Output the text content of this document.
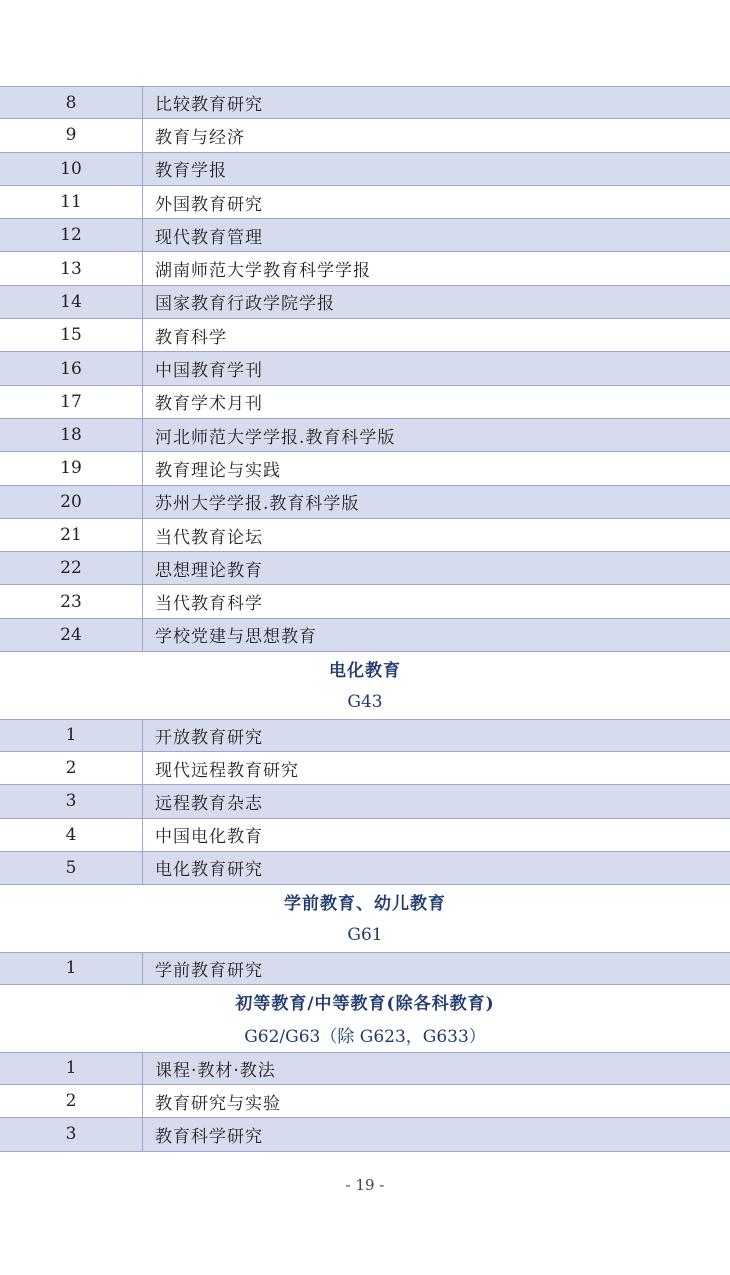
8	比较教育研究
9	教育与经济
10	教育学报
11	外国教育研究
12	现代教育管理
13	湖南师范大学教育科学学报
14	国家教育行政学院学报
15	教育科学
16	中国教育学刊
17	教育学术月刊
18	河北师范大学学报.教育科学版
19	教育理论与实践
20	苏州大学学报.教育科学版
21	当代教育论坛
22	思想理论教育
23	当代教育科学
24	学校党建与思想教育
电化教育
G43
1	开放教育研究
2	现代远程教育研究
3	远程教育杂志
4	中国电化教育
5	电化教育研究
学前教育、幼儿教育
G61
1	学前教育研究
初等教育/中等教育(除各科教育)
G62/G63（除 G623，G633）
1	课程·教材·教法
2	教育研究与实验
3	教育科学研究
- 19 -
